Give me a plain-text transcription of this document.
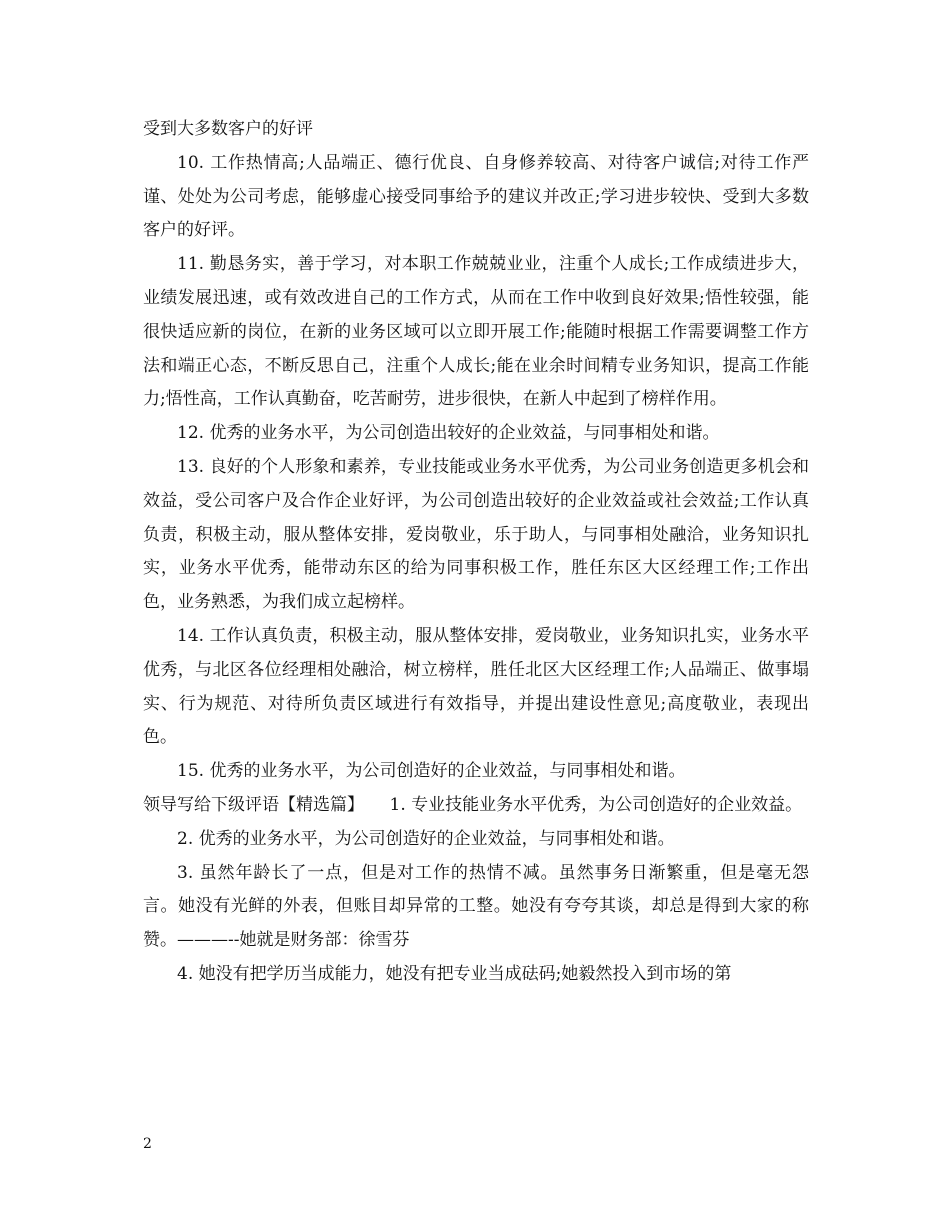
受到大多数客户的好评

10. 工作热情高;人品端正、德行优良、自身修养较高、对待客户诚信;对待工作严谨、处处为公司考虑，能够虚心接受同事给予的建议并改正;学习进步较快、受到大多数客户的好评。

11. 勤恳务实，善于学习，对本职工作兢兢业业，注重个人成长;工作成绩进步大，业绩发展迅速，或有效改进自己的工作方式，从而在工作中收到良好效果;悟性较强，能很快适应新的岗位，在新的业务区域可以立即开展工作;能随时根据工作需要调整工作方法和端正心态，不断反思自己，注重个人成长;能在业余时间精专业务知识，提高工作能力;悟性高，工作认真勤奋，吃苦耐劳，进步很快，在新人中起到了榜样作用。

12. 优秀的业务水平，为公司创造出较好的企业效益，与同事相处和谐。

13. 良好的个人形象和素养，专业技能或业务水平优秀，为公司业务创造更多机会和效益，受公司客户及合作企业好评，为公司创造出较好的企业效益或社会效益;工作认真负责，积极主动，服从整体安排，爱岗敬业，乐于助人，与同事相处融洽，业务知识扎实，业务水平优秀，能带动东区的给为同事积极工作，胜任东区大区经理工作;工作出色，业务熟悉，为我们成立起榜样。

14. 工作认真负责，积极主动，服从整体安排，爱岗敬业，业务知识扎实，业务水平优秀，与北区各位经理相处融洽，树立榜样，胜任北区大区经理工作;人品端正、做事塌实、行为规范、对待所负责区域进行有效指导，并提出建设性意见;高度敬业，表现出色。

15. 优秀的业务水平，为公司创造好的企业效益，与同事相处和谐。

领导写给下级评语【精选篇】　　1. 专业技能业务水平优秀，为公司创造好的企业效益。

2. 优秀的业务水平，为公司创造好的企业效益，与同事相处和谐。

3. 虽然年龄长了一点，但是对工作的热情不减。虽然事务日渐繁重，但是毫无怨言。她没有光鲜的外表，但账目却异常的工整。她没有夸夸其谈，却总是得到大家的称赞。———--她就是财务部：徐雪芬

4. 她没有把学历当成能力，她没有把专业当成砝码;她毅然投入到市场的第

2
